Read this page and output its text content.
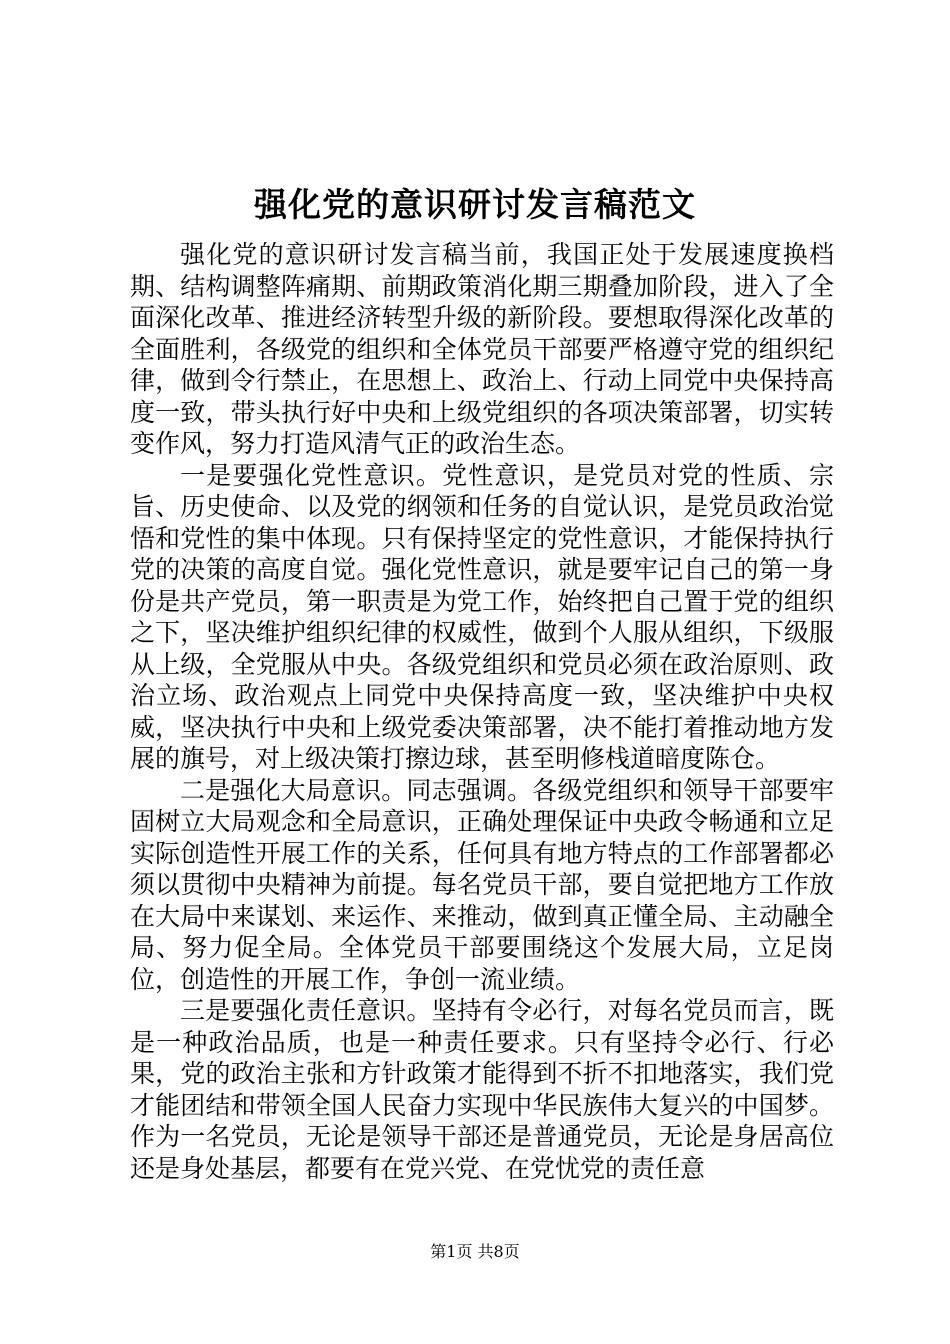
强化党的意识研讨发言稿范文

强化党的意识研讨发言稿当前，我国正处于发展速度换档期、结构调整阵痛期、前期政策消化期三期叠加阶段，进入了全面深化改革、推进经济转型升级的新阶段。要想取得深化改革的全面胜利，各级党的组织和全体党员干部要严格遵守党的组织纪律，做到令行禁止，在思想上、政治上、行动上同党中央保持高度一致，带头执行好中央和上级党组织的各项决策部署，切实转变作风，努力打造风清气正的政治生态。

一是要强化党性意识。党性意识，是党员对党的性质、宗旨、历史使命、以及党的纲领和任务的自觉认识，是党员政治觉悟和党性的集中体现。只有保持坚定的党性意识，才能保持执行党的决策的高度自觉。强化党性意识，就是要牢记自己的第一身份是共产党员，第一职责是为党工作，始终把自己置于党的组织之下，坚决维护组织纪律的权威性，做到个人服从组织，下级服从上级，全党服从中央。各级党组织和党员必须在政治原则、政治立场、政治观点上同党中央保持高度一致，坚决维护中央权威，坚决执行中央和上级党委决策部署，决不能打着推动地方发展的旗号，对上级决策打擦边球，甚至明修栈道暗度陈仓。

二是强化大局意识。同志强调。各级党组织和领导干部要牢固树立大局观念和全局意识，正确处理保证中央政令畅通和立足实际创造性开展工作的关系，任何具有地方特点的工作部署都必须以贯彻中央精神为前提。每名党员干部，要自觉把地方工作放在大局中来谋划、来运作、来推动，做到真正懂全局、主动融全局、努力促全局。全体党员干部要围绕这个发展大局，立足岗位，创造性的开展工作，争创一流业绩。

三是要强化责任意识。坚持有令必行，对每名党员而言，既是一种政治品质，也是一种责任要求。只有坚持令必行、行必果，党的政治主张和方针政策才能得到不折不扣地落实，我们党才能团结和带领全国人民奋力实现中华民族伟大复兴的中国梦。作为一名党员，无论是领导干部还是普通党员，无论是身居高位还是身处基层，都要有在党兴党、在党忧党的责任意

第1页 共8页
